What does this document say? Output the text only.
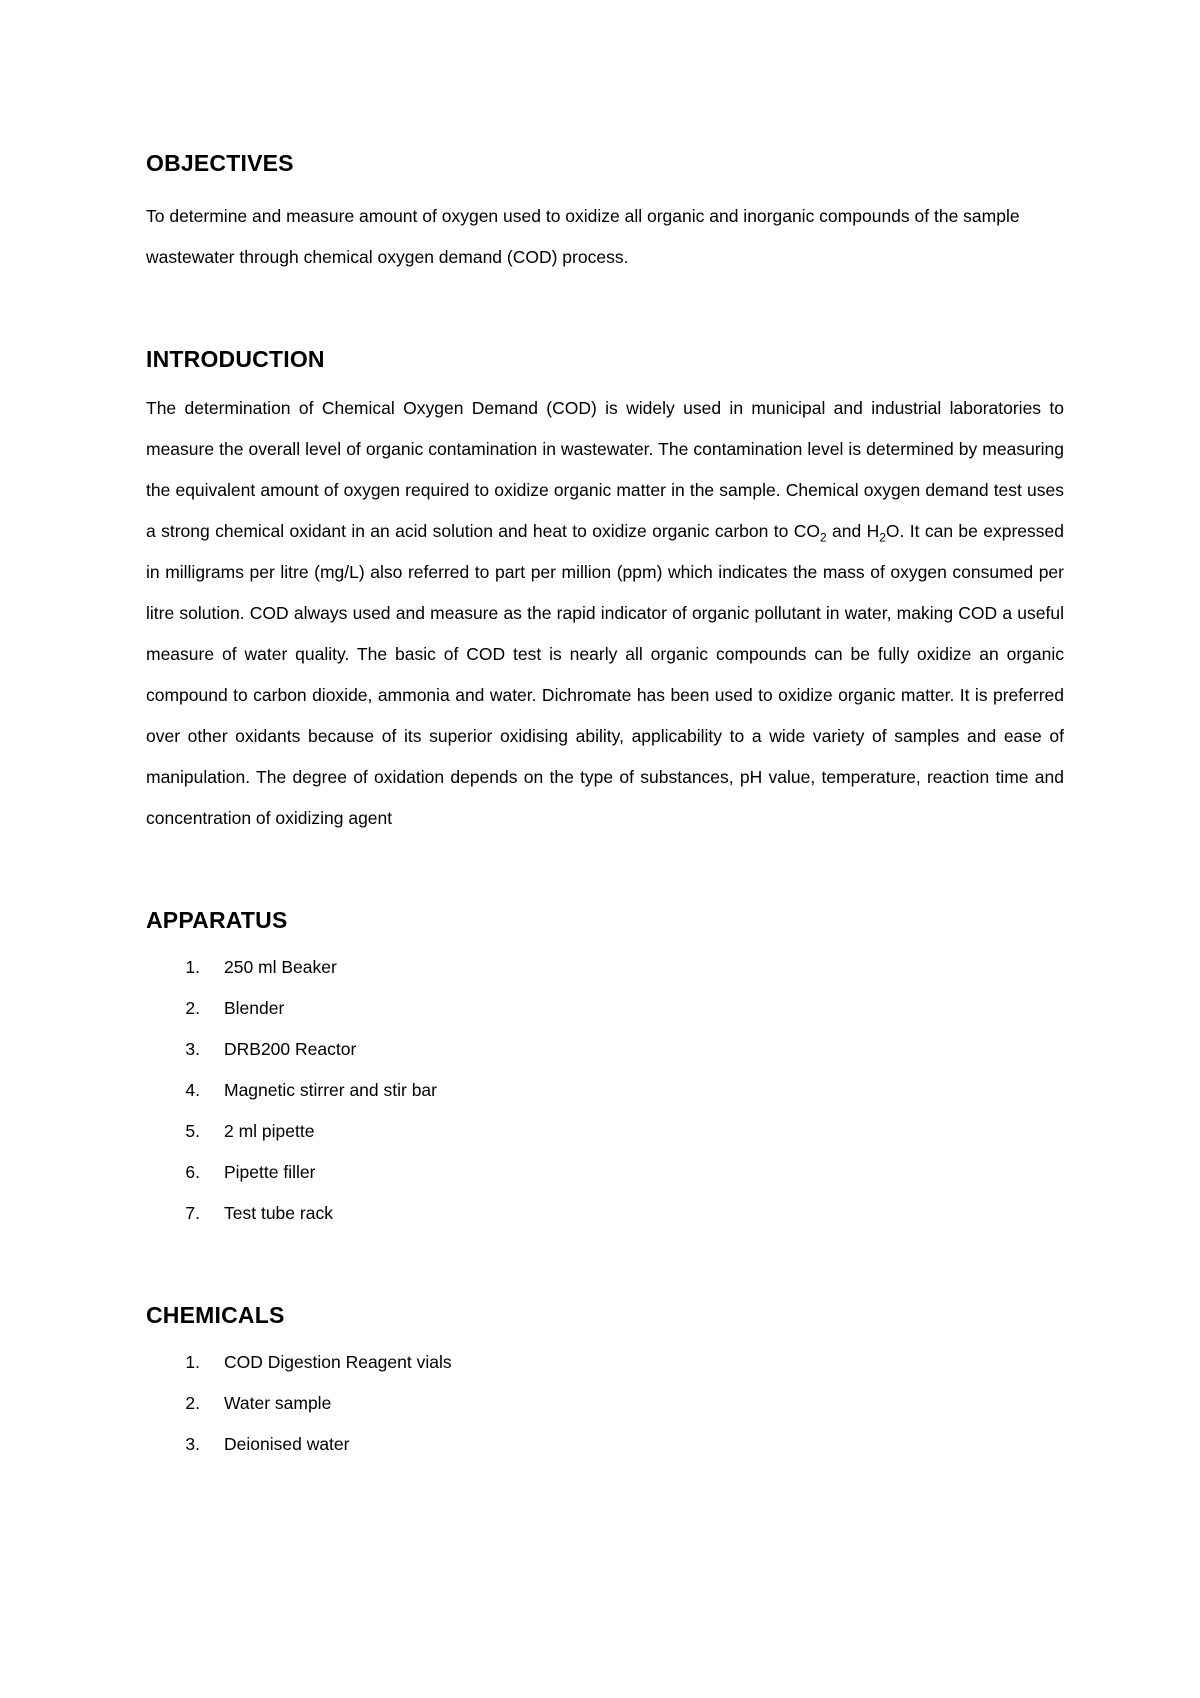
OBJECTIVES

To determine and measure amount of oxygen used to oxidize all organic and inorganic compounds of the sample wastewater through chemical oxygen demand (COD) process.

INTRODUCTION

The determination of Chemical Oxygen Demand (COD) is widely used in municipal and industrial laboratories to measure the overall level of organic contamination in wastewater. The contamination level is determined by measuring the equivalent amount of oxygen required to oxidize organic matter in the sample. Chemical oxygen demand test uses a strong chemical oxidant in an acid solution and heat to oxidize organic carbon to $CO_2$ and $H_2O$. It can be expressed in milligrams per litre (mg/L) also referred to part per million (ppm) which indicates the mass of oxygen consumed per litre solution. COD always used and measure as the rapid indicator of organic pollutant in water, making COD a useful measure of water quality. The basic of COD test is nearly all organic compounds can be fully oxidize an organic compound to carbon dioxide, ammonia and water. Dichromate has been used to oxidize organic matter. It is preferred over other oxidants because of its superior oxidising ability, applicability to a wide variety of samples and ease of manipulation. The degree of oxidation depends on the type of substances, pH value, temperature, reaction time and concentration of oxidizing agent

APPARATUS
1. 250 ml Beaker
2. Blender
3. DRB200 Reactor
4. Magnetic stirrer and stir bar
5. 2 ml pipette
6. Pipette filler
7. Test tube rack
CHEMICALS
1. COD Digestion Reagent vials
2. Water sample
3. Deionised water
